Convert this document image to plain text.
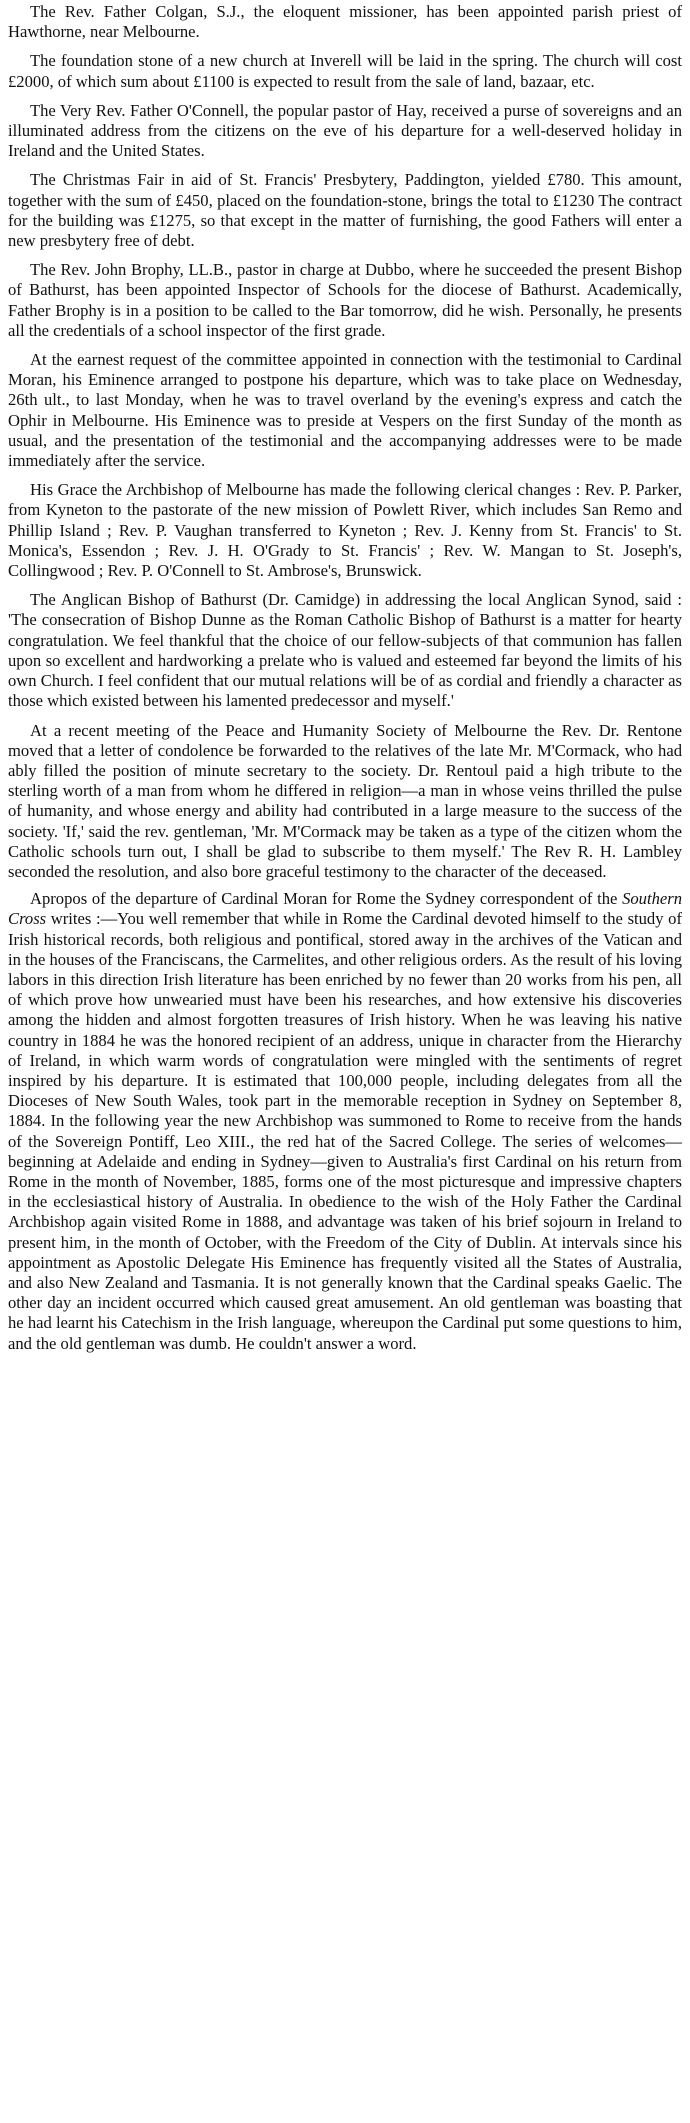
The Rev. Father Colgan, S.J., the eloquent missioner, has been appointed parish priest of Hawthorne, near Melbourne.

The foundation stone of a new church at Inverell will be laid in the spring. The church will cost £2000, of which sum about £1100 is expected to result from the sale of land, bazaar, etc.

The Very Rev. Father O'Connell, the popular pastor of Hay, received a purse of sovereigns and an illuminated address from the citizens on the eve of his departure for a well-deserved holiday in Ireland and the United States.

The Christmas Fair in aid of St. Francis' Presbytery, Paddington, yielded £780. This amount, together with the sum of £450, placed on the foundation-stone, brings the total to £1230 The contract for the building was £1275, so that except in the matter of furnishing, the good Fathers will enter a new presbytery free of debt.

The Rev. John Brophy, LL.B., pastor in charge at Dubbo, where he succeeded the present Bishop of Bathurst, has been appointed Inspector of Schools for the diocese of Bathurst. Academically, Father Brophy is in a position to be called to the Bar tomorrow, did he wish. Personally, he presents all the credentials of a school inspector of the first grade.

At the earnest request of the committee appointed in connection with the testimonial to Cardinal Moran, his Eminence arranged to postpone his departure, which was to take place on Wednesday, 26th ult., to last Monday, when he was to travel overland by the evening's express and catch the Ophir in Melbourne. His Eminence was to preside at Vespers on the first Sunday of the month as usual, and the presentation of the testimonial and the accompanying addresses were to be made immediately after the service.

His Grace the Archbishop of Melbourne has made the following clerical changes : Rev. P. Parker, from Kyneton to the pastorate of the new mission of Powlett River, which includes San Remo and Phillip Island ; Rev. P. Vaughan transferred to Kyneton ; Rev. J. Kenny from St. Francis' to St. Monica's, Essendon ; Rev. J. H. O'Grady to St. Francis' ; Rev. W. Mangan to St. Joseph's, Collingwood ; Rev. P. O'Connell to St. Ambrose's, Brunswick.

The Anglican Bishop of Bathurst (Dr. Camidge) in addressing the local Anglican Synod, said : 'The consecration of Bishop Dunne as the Roman Catholic Bishop of Bathurst is a matter for hearty congratulation. We feel thankful that the choice of our fellow-subjects of that communion has fallen upon so excellent and hardworking a prelate who is valued and esteemed far beyond the limits of his own Church. I feel confident that our mutual relations will be of as cordial and friendly a character as those which existed between his lamented predecessor and myself.'

At a recent meeting of the Peace and Humanity Society of Melbourne the Rev. Dr. Rentone moved that a letter of condolence be forwarded to the relatives of the late Mr. M'Cormack, who had ably filled the position of minute secretary to the society. Dr. Rentoul paid a high tribute to the sterling worth of a man from whom he differed in religion—a man in whose veins thrilled the pulse of humanity, and whose energy and ability had contributed in a large measure to the success of the society. 'If,' said the rev. gentleman, 'Mr. M'Cormack may be taken as a type of the citizen whom the Catholic schools turn out, I shall be glad to subscribe to them myself.' The Rev R. H. Lambley seconded the resolution, and also bore graceful testimony to the character of the deceased.

Apropos of the departure of Cardinal Moran for Rome the Sydney correspondent of the Southern Cross writes :—You well remember that while in Rome the Cardinal devoted himself to the study of Irish historical records, both religious and pontifical, stored away in the archives of the Vatican and in the houses of the Franciscans, the Carmelites, and other religious orders. As the result of his loving labors in this direction Irish literature has been enriched by no fewer than 20 works from his pen, all of which prove how unwearied must have been his researches, and how extensive his discoveries among the hidden and almost forgotten treasures of Irish history. When he was leaving his native country in 1884 he was the honored recipient of an address, unique in character from the Hierarchy of Ireland, in which warm words of congratulation were mingled with the sentiments of regret inspired by his departure. It is estimated that 100,000 people, including delegates from all the Dioceses of New South Wales, took part in the memorable reception in Sydney on September 8, 1884. In the following year the new Archbishop was summoned to Rome to receive from the hands of the Sovereign Pontiff, Leo XIII., the red hat of the Sacred College. The series of welcomes—beginning at Adelaide and ending in Sydney—given to Australia's first Cardinal on his return from Rome in the month of November, 1885, forms one of the most picturesque and impressive chapters in the ecclesiastical history of Australia. In obedience to the wish of the Holy Father the Cardinal Archbishop again visited Rome in 1888, and advantage was taken of his brief sojourn in Ireland to present him, in the month of October, with the Freedom of the City of Dublin. At intervals since his appointment as Apostolic Delegate His Eminence has frequently visited all the States of Australia, and also New Zealand and Tasmania. It is not generally known that the Cardinal speaks Gaelic. The other day an incident occurred which caused great amusement. An old gentleman was boasting that he had learnt his Catechism in the Irish language, whereupon the Cardinal put some questions to him, and the old gentleman was dumb. He couldn't answer a word.
